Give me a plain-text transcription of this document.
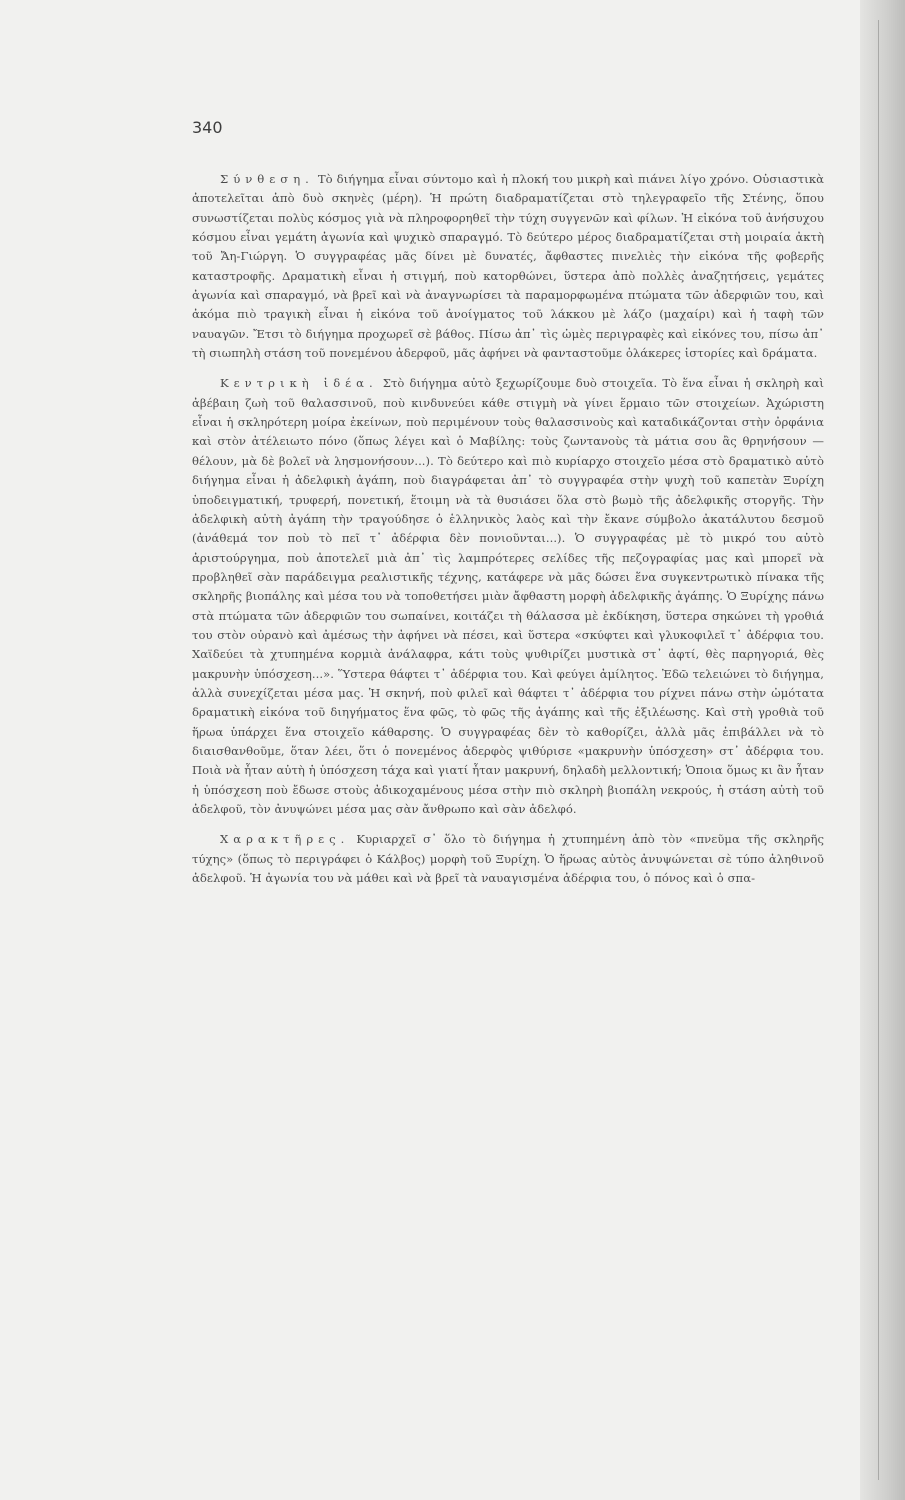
340

Σύνθεση. Τὸ διήγημα εἶναι σύντομο καὶ ἡ πλοκή του μικρὴ καὶ πιάνει λίγο χρόνο. Οὐσιαστικὰ ἀποτελεῖται ἀπὸ δυὸ σκηνὲς (μέρη). Ἡ πρώτη διαδραματίζεται στὸ τηλεγραφεῖο τῆς Στένης, ὅπου συνωστίζεται πολὺς κόσμος γιὰ νὰ πληροφορηθεῖ τὴν τύχη συγγενῶν καὶ φίλων. Ἡ εἰκόνα τοῦ ἀνήσυχου κόσμου εἶναι γεμάτη ἀγωνία καὶ ψυχικὸ σπαραγμό. Τὸ δεύτερο μέρος διαδραματίζεται στὴ μοιραία ἀκτὴ τοῦ Ἄη-Γιώργη. Ὁ συγγραφέας μᾶς δίνει μὲ δυνατές, ἄφθαστες πινελιὲς τὴν εἰκόνα τῆς φοβερῆς καταστροφῆς. Δραματικὴ εἶναι ἡ στιγμή, ποὺ κατορθώνει, ὕστερα ἀπὸ πολλὲς ἀναζητήσεις, γεμάτες ἀγωνία καὶ σπαραγμό, νὰ βρεῖ καὶ νὰ ἀναγνωρίσει τὰ παραμορφωμένα πτώματα τῶν ἀδερφιῶν του, καὶ ἀκόμα πιὸ τραγικὴ εἶναι ἡ εἰκόνα τοῦ ἀνοίγματος τοῦ λάκκου μὲ λάζο (μαχαίρι) καὶ ἡ ταφὴ τῶν ναυαγῶν. Ἔτσι τὸ διήγημα προχωρεῖ σὲ βάθος. Πίσω ἀπ᾽ τὶς ὠμὲς περιγραφὲς καὶ εἰκόνες του, πίσω ἀπ᾽ τὴ σιωπηλὴ στάση τοῦ πονεμένου ἀδερφοῦ, μᾶς ἀφήνει νὰ φανταστοῦμε ὁλάκερες ἱστορίες καὶ δράματα.

Κεντρικὴ ἰδέα. Στὸ διήγημα αὐτὸ ξεχωρίζουμε δυὸ στοιχεῖα. Τὸ ἕνα εἶναι ἡ σκληρὴ καὶ ἀβέβαιη ζωὴ τοῦ θαλασσινοῦ, ποὺ κινδυνεύει κάθε στιγμὴ νὰ γίνει ἕρμαιο τῶν στοιχείων. Ἀχώριστη εἶναι ἡ σκληρότερη μοίρα ἐκείνων, ποὺ περιμένουν τοὺς θαλασσινοὺς καὶ καταδικάζονται στὴν ὀρφάνια καὶ στὸν ἀτέλειωτο πόνο (ὅπως λέγει καὶ ὁ Μαβίλης: τοὺς ζωντανοὺς τὰ μάτια σου ἂς θρηνήσουν — θέλουν, μὰ δὲ βολεῖ νὰ λησμονήσουν...). Τὸ δεύτερο καὶ πιὸ κυρίαρχο στοιχεῖο μέσα στὸ δραματικὸ αὐτὸ διήγημα εἶναι ἡ ἀδελφικὴ ἀγάπη, ποὺ διαγράφεται ἀπ᾽ τὸ συγγραφέα στὴν ψυχὴ τοῦ καπετὰν Ξυρίχη ὑποδειγματική, τρυφερή, πονετική, ἕτοιμη νὰ τὰ θυσιάσει ὅλα στὸ βωμὸ τῆς ἀδελφικῆς στοργῆς. Τὴν ἀδελφικὴ αὐτὴ ἀγάπη τὴν τραγούδησε ὁ ἑλληνικὸς λαὸς καὶ τὴν ἔκανε σύμβολο ἀκατάλυτου δεσμοῦ (ἀνάθεμά τον ποὺ τὸ πεῖ τ᾽ ἀδέρφια δὲν πονιοῦνται...). Ὁ συγγραφέας μὲ τὸ μικρό του αὐτὸ ἀριστούργημα, ποὺ ἀποτελεῖ μιὰ ἀπ᾽ τὶς λαμπρότερες σελίδες τῆς πεζογραφίας μας καὶ μπορεῖ νὰ προβληθεῖ σὰν παράδειγμα ρεαλιστικῆς τέχνης, κατάφερε νὰ μᾶς δώσει ἕνα συγκεντρωτικὸ πίνακα τῆς σκληρῆς βιοπάλης καὶ μέσα του νὰ τοποθετήσει μιὰν ἄφθαστη μορφὴ ἀδελφικῆς ἀγάπης. Ὁ Ξυρίχης πάνω στὰ πτώματα τῶν ἀδερφιῶν του σωπαίνει, κοιτάζει τὴ θάλασσα μὲ ἐκδίκηση, ὕστερα σηκώνει τὴ γροθιά του στὸν οὐρανὸ καὶ ἀμέσως τὴν ἀφήνει νὰ πέσει, καὶ ὕστερα «σκύφτει καὶ γλυκοφιλεῖ τ᾽ ἀδέρφια του. Χαϊδεύει τὰ χτυπημένα κορμιὰ ἀνάλαφρα, κάτι τοὺς ψυθιρίζει μυστικὰ στ᾽ ἀφτί, θὲς παρηγοριά, θὲς μακρυνὴν ὑπόσχεση...». Ὕστερα θάφτει τ᾽ ἀδέρφια του. Καὶ φεύγει ἀμίλητος. Ἐδῶ τελειώνει τὸ διήγημα, ἀλλὰ συνεχίζεται μέσα μας. Ἡ σκηνή, ποὺ φιλεῖ καὶ θάφτει τ᾽ ἀδέρφια του ρίχνει πάνω στὴν ὠμότατα δραματικὴ εἰκόνα τοῦ διηγήματος ἕνα φῶς, τὸ φῶς τῆς ἀγάπης καὶ τῆς ἐξιλέωσης. Καὶ στὴ γροθιὰ τοῦ ἥρωα ὑπάρχει ἕνα στοιχεῖο κάθαρσης. Ὁ συγγραφέας δὲν τὸ καθορίζει, ἀλλὰ μᾶς ἐπιβάλλει νὰ τὸ διαισθανθοῦμε, ὅταν λέει, ὅτι ὁ πονεμένος ἀδερφὸς ψιθύρισε «μακρυνὴν ὑπόσχεση» στ᾽ ἀδέρφια του. Ποιὰ νὰ ἦταν αὐτὴ ἡ ὑπόσχεση τάχα καὶ γιατί ἦταν μακρυνή, δηλαδὴ μελλοντική; Ὁποια ὅμως κι ἂν ἦταν ἡ ὑπόσχεση ποὺ ἔδωσε στοὺς ἀδικοχαμένους μέσα στὴν πιὸ σκληρὴ βιοπάλη νεκρούς, ἡ στάση αὐτὴ τοῦ ἀδελφοῦ, τὸν ἀνυψώνει μέσα μας σὰν ἄνθρωπο καὶ σὰν ἀδελφό.

Χαρακτῆρες. Κυριαρχεῖ σ᾽ ὅλο τὸ διήγημα ἡ χτυπημένη ἀπὸ τὸν «πνεῦμα τῆς σκληρῆς τύχης» (ὅπως τὸ περιγράφει ὁ Κάλβος) μορφὴ τοῦ Ξυρίχη. Ὁ ἥρωας αὐτὸς ἀνυψώνεται σὲ τύπο ἀληθινοῦ ἀδελφοῦ. Ἡ ἀγωνία του νὰ μάθει καὶ νὰ βρεῖ τὰ ναυαγισμένα ἀδέρφια του, ὁ πόνος καὶ ὁ σπα-
